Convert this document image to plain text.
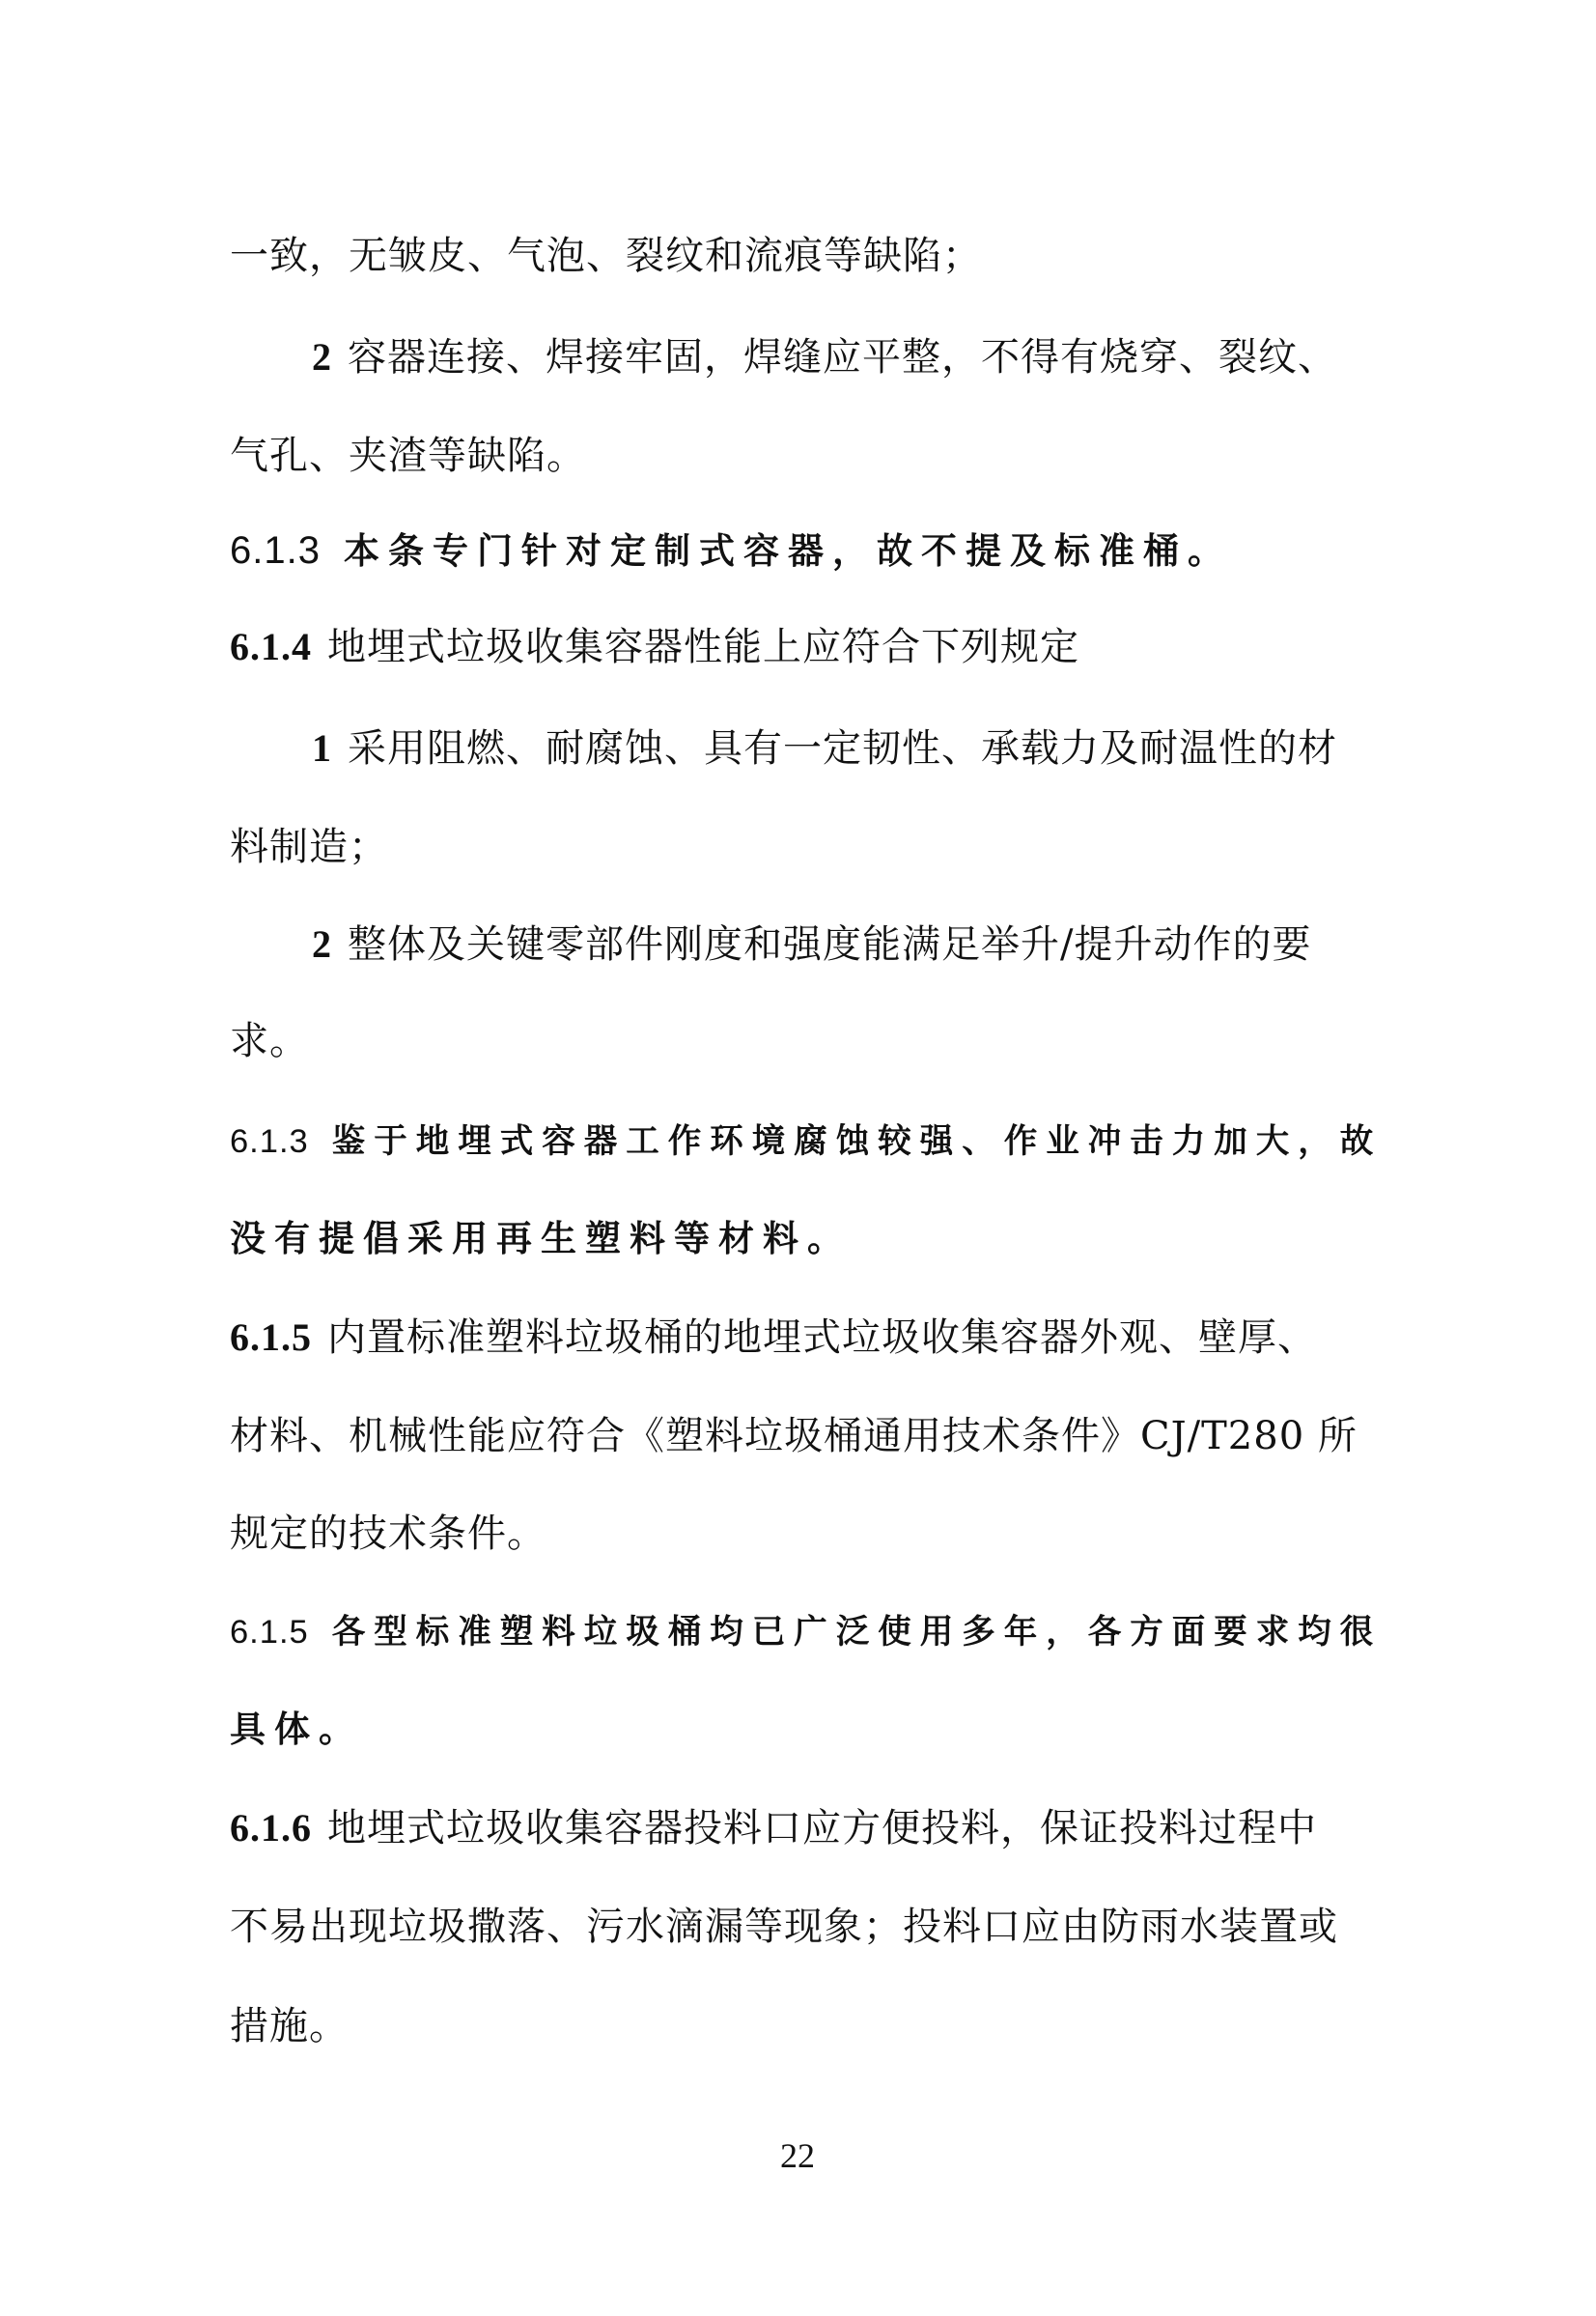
一致，无皱皮、气泡、裂纹和流痕等缺陷；
2 容器连接、焊接牢固，焊缝应平整，不得有烧穿、裂纹、
气孔、夹渣等缺陷。
6.1.3 本条专门针对定制式容器，故不提及标准桶。
6.1.4 地埋式垃圾收集容器性能上应符合下列规定
1 采用阻燃、耐腐蚀、具有一定韧性、承载力及耐温性的材
料制造；
2 整体及关键零部件刚度和强度能满足举升/提升动作的要
求。
6.1.3 鉴于地埋式容器工作环境腐蚀较强、作业冲击力加大，故
没有提倡采用再生塑料等材料。
6.1.5 内置标准塑料垃圾桶的地埋式垃圾收集容器外观、壁厚、
材料、机械性能应符合《塑料垃圾桶通用技术条件》CJ/T280 所
规定的技术条件。
6.1.5 各型标准塑料垃圾桶均已广泛使用多年，各方面要求均很
具体。
6.1.6 地埋式垃圾收集容器投料口应方便投料，保证投料过程中
不易出现垃圾撒落、污水滴漏等现象；投料口应由防雨水装置或
措施。
22
